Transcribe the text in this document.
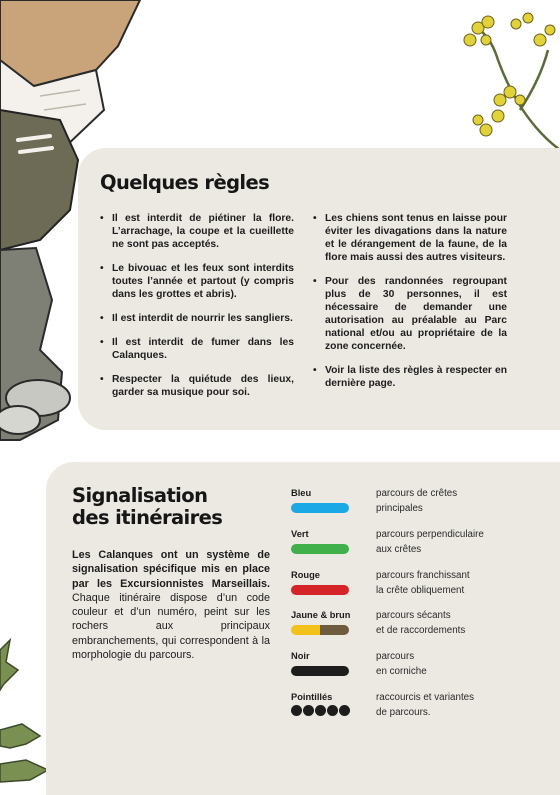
Quelques règles
• Il est interdit de piétiner la flore. L’arrachage, la coupe et la cueillette ne sont pas acceptés.
• Le bivouac et les feux sont interdits toutes l’année et partout (y compris dans les grottes et abris).
• Il est interdit de nourrir les sangliers.
• Il est interdit de fumer dans les Calanques.
• Respecter la quiétude des lieux, garder sa musique pour soi.
• Les chiens sont tenus en laisse pour éviter les divagations dans la nature et le dérangement de la faune, de la flore mais aussi des autres visiteurs.
• Pour des randonnées regroupant plus de 30 personnes, il est nécessaire de demander une autorisation au préalable au Parc national et/ou au propriétaire de la zone concernée.
• Voir la liste des règles à respecter en dernière page.
Signalisation
des itinéraires

Les Calanques ont un système de signalisation spécifique mis en place par les Excursionnistes Marseillais. Chaque itinéraire dispose d’un code couleur et d’un numéro, peint sur les rochers aux principaux embranchements, qui correspondent à la morphologie du parcours.

Bleu	parcours de crêtes
principales
Vert	parcours perpendiculaire
aux crêtes
Rouge	parcours franchissant
la crête obliquement
Jaune & brun	parcours sécants
et de raccordements
Noir	parcours
en corniche
Pointillés	raccourcis et variantes
de parcours.
